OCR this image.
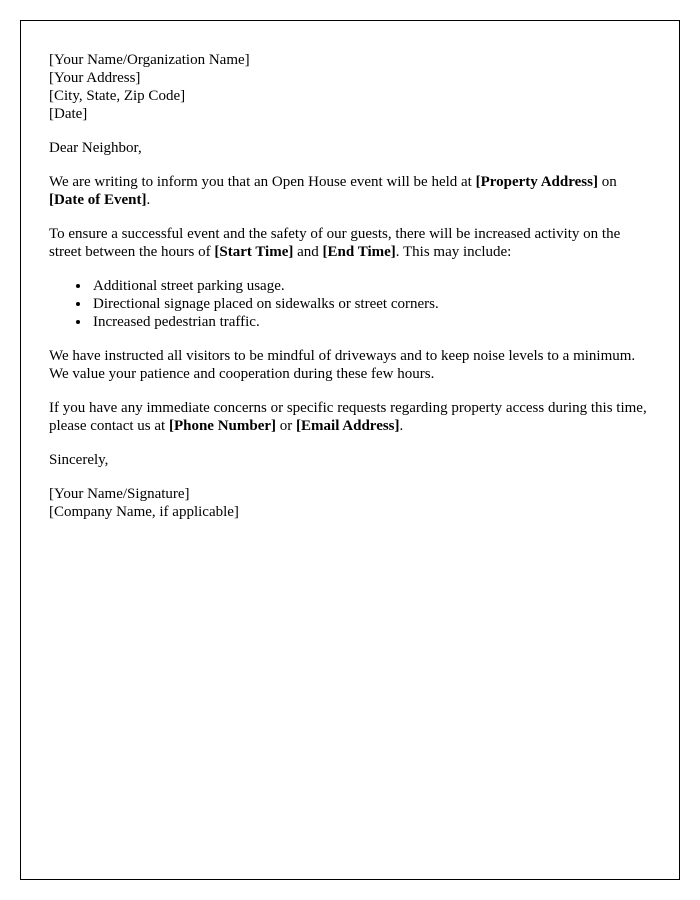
[Your Name/Organization Name]
[Your Address]
[City, State, Zip Code]
[Date]

Dear Neighbor,

We are writing to inform you that an Open House event will be held at [Property Address] on [Date of Event].

To ensure a successful event and the safety of our guests, there will be increased activity on the street between the hours of [Start Time] and [End Time]. This may include:

• Additional street parking usage.
• Directional signage placed on sidewalks or street corners.
• Increased pedestrian traffic.

We have instructed all visitors to be mindful of driveways and to keep noise levels to a minimum. We value your patience and cooperation during these few hours.

If you have any immediate concerns or specific requests regarding property access during this time, please contact us at [Phone Number] or [Email Address].

Sincerely,

[Your Name/Signature]
[Company Name, if applicable]
